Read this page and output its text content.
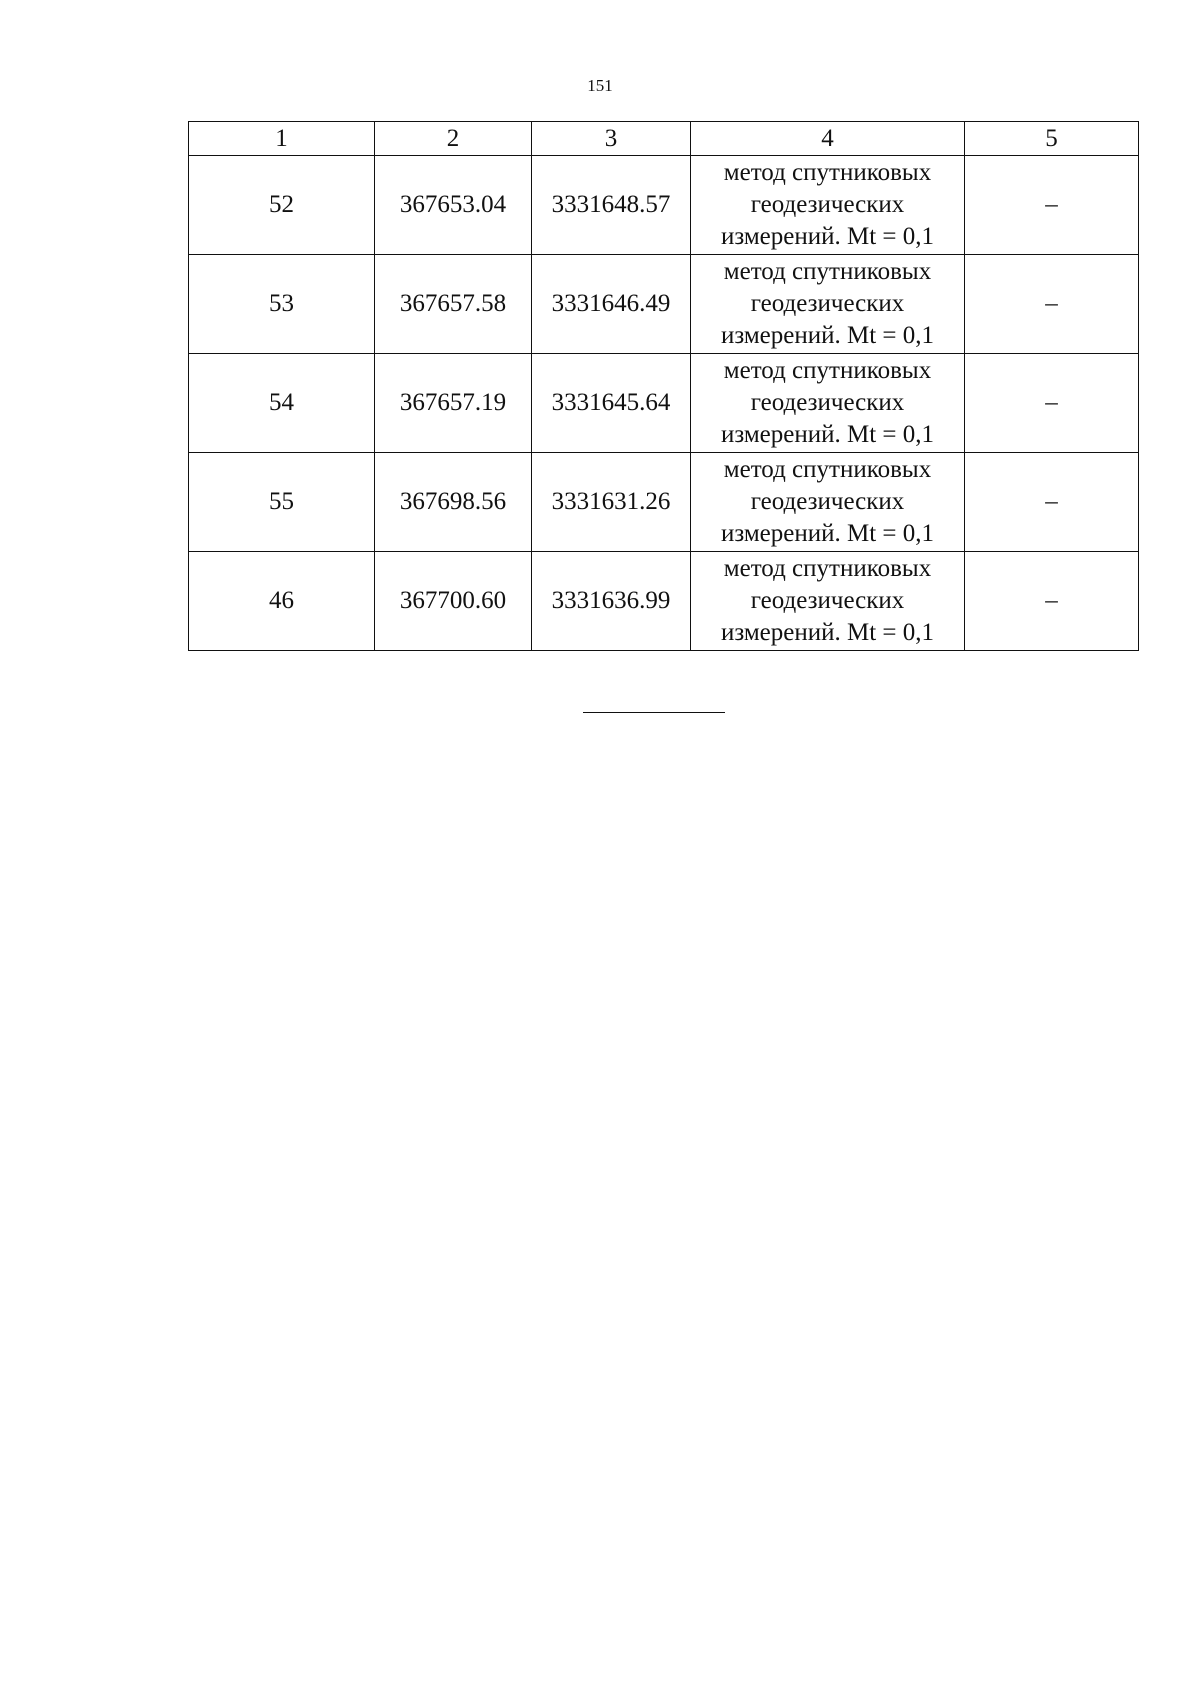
151
1	2	3	4	5
52	367653.04	3331648.57	метод спутниковых геодезических измерений. Mt = 0,1	–
53	367657.58	3331646.49	метод спутниковых геодезических измерений. Mt = 0,1	–
54	367657.19	3331645.64	метод спутниковых геодезических измерений. Mt = 0,1	–
55	367698.56	3331631.26	метод спутниковых геодезических измерений. Mt = 0,1	–
46	367700.60	3331636.99	метод спутниковых геодезических измерений. Mt = 0,1	–
